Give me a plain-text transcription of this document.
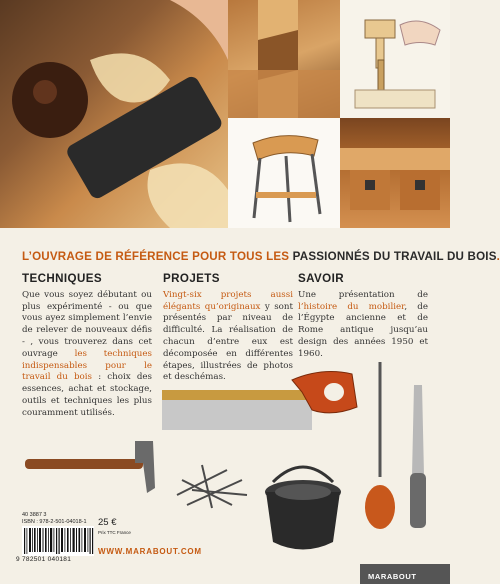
L’OUVRAGE DE RÉFÉRENCE POUR TOUS LES PASSIONNÉS DU TRAVAIL DU BOIS.
TECHNIQUES
Que vous soyez débutant ou plus expérimenté - ou que vous ayez simplement l’envie de relever de nouveaux défis - , vous trouverez dans cet ouvrage les techniques indispensables pour le travail du bois : choix des essences, achat et stockage, outils et techniques les plus couramment utilisés.
PROJETS
Vingt-six projets aussi élégants qu’originaux y sont présentés par niveau de difficulté. La réalisation de chacun d’entre eux est décomposée en différentes étapes, illustrées de photos et deschémas.
SAVOIR
Une présentation de l’histoire du mobilier, de l’Égypte ancienne et de Rome antique jusqu’au design des années 1950 et 1960.
40 3887 3
ISBN : 978-2-501-04018-1
9 782501 040181
25 €
Prix TTC France
WWW.MARABOUT.COM
MARABOUT
